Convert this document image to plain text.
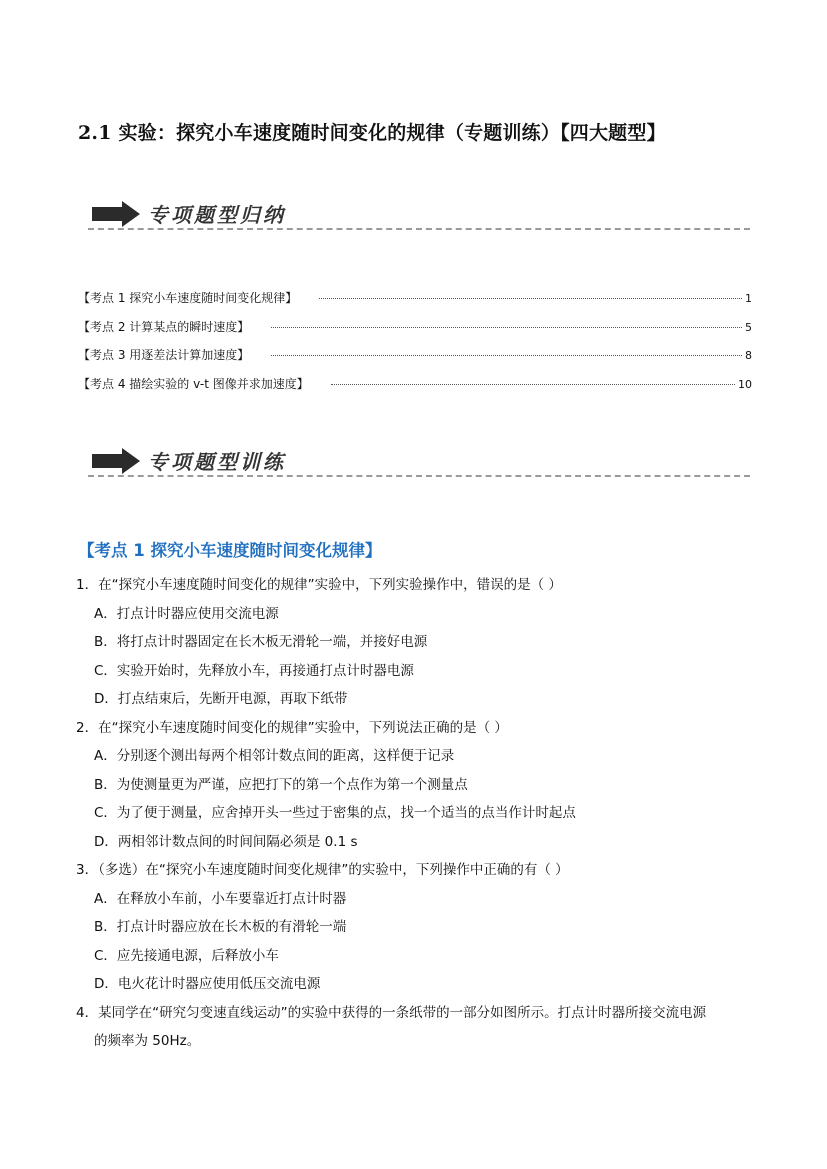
2.1 实验：探究小车速度随时间变化的规律（专题训练）【四大题型】
专项题型归纳
【考点 1 探究小车速度随时间变化规律】	1
【考点 2 计算某点的瞬时速度】	5
【考点 3 用逐差法计算加速度】	8
【考点 4 描绘实验的 v-t 图像并求加速度】	10
专项题型训练
【考点 1 探究小车速度随时间变化规律】
1．在“探究小车速度随时间变化的规律”实验中，下列实验操作中，错误的是（ ）
A．打点计时器应使用交流电源
B．将打点计时器固定在长木板无滑轮一端，并接好电源
C．实验开始时，先释放小车，再接通打点计时器电源
D．打点结束后，先断开电源，再取下纸带
2．在“探究小车速度随时间变化的规律”实验中，下列说法正确的是（ ）
A．分别逐个测出每两个相邻计数点间的距离，这样便于记录
B．为使测量更为严谨，应把打下的第一个点作为第一个测量点
C．为了便于测量，应舍掉开头一些过于密集的点，找一个适当的点当作计时起点
D．两相邻计数点间的时间间隔必须是 0.1 s
3．（多选）在“探究小车速度随时间变化规律”的实验中，下列操作中正确的有（ ）
A．在释放小车前，小车要靠近打点计时器
B．打点计时器应放在长木板的有滑轮一端
C．应先接通电源，后释放小车
D．电火花计时器应使用低压交流电源
4．某同学在“研究匀变速直线运动”的实验中获得的一条纸带的一部分如图所示。打点计时器所接交流电源
的频率为 50Hz。
